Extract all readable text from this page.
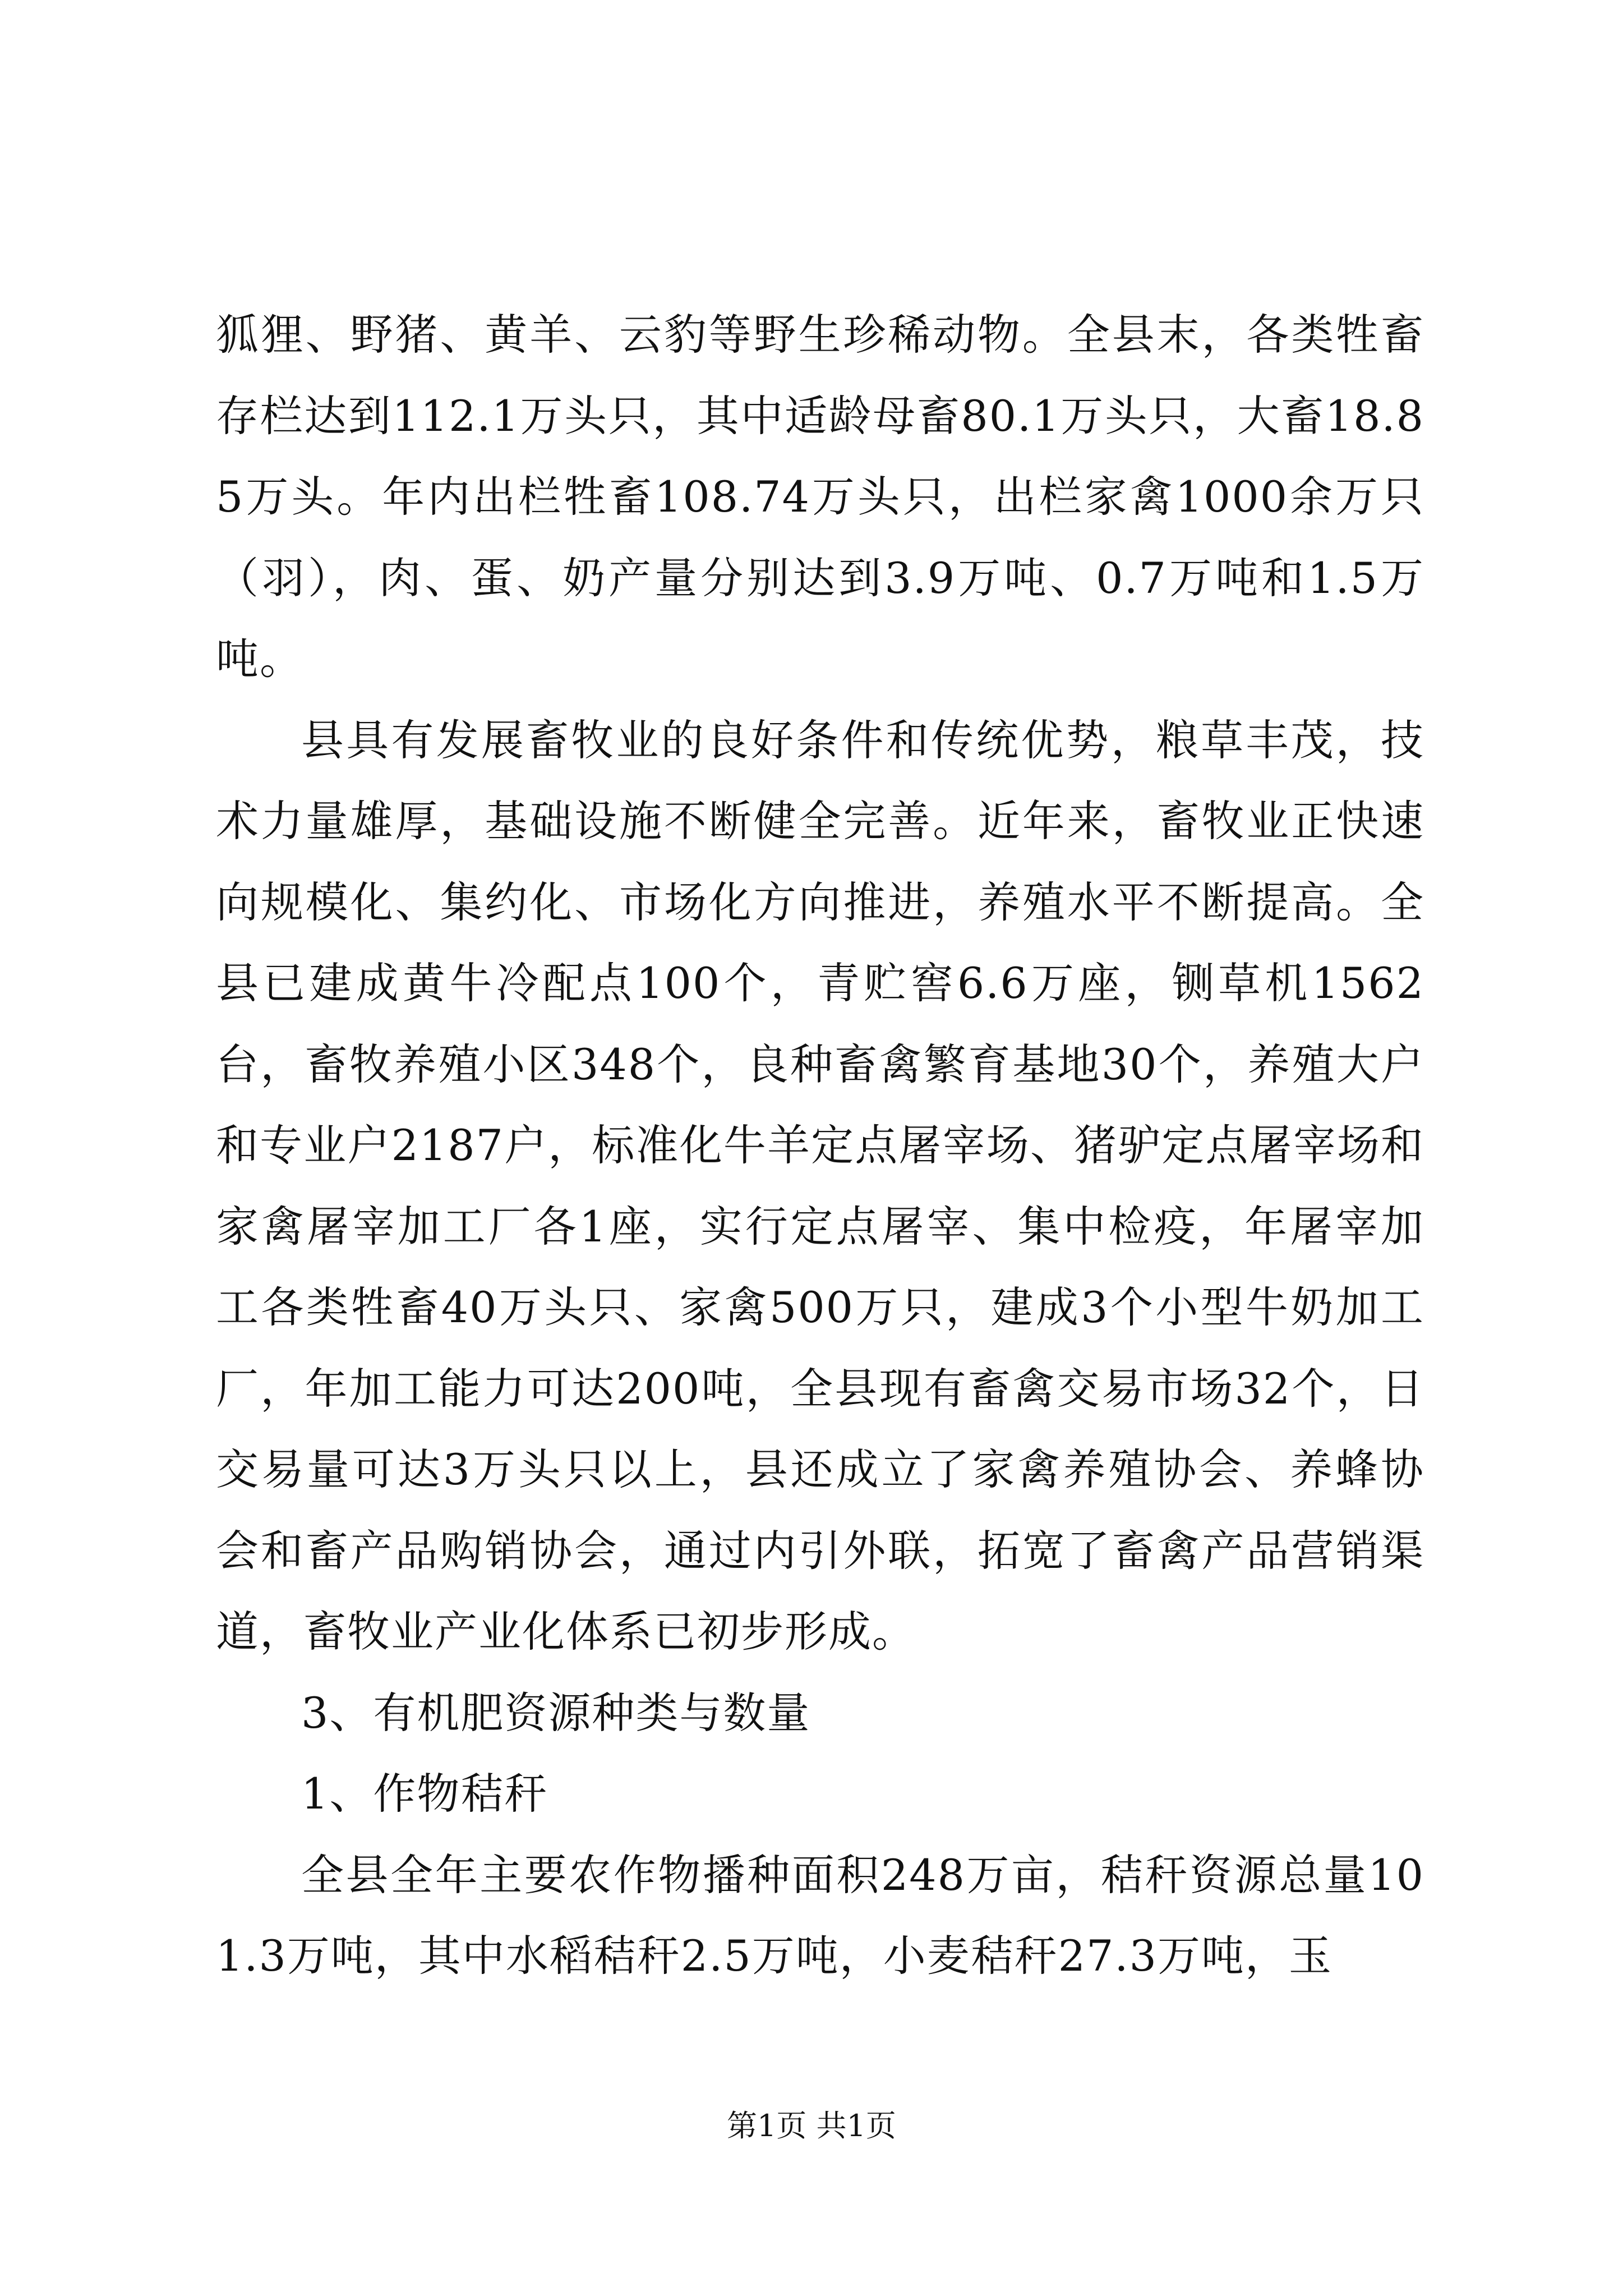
狐狸、野猪、黄羊、云豹等野生珍稀动物。全县末，各类牲畜存栏达到112.1万头只，其中适龄母畜80.1万头只，大畜18.85万头。年内出栏牲畜108.74万头只，出栏家禽1000余万只（羽），肉、蛋、奶产量分别达到3.9万吨、0.7万吨和1.5万吨。

县具有发展畜牧业的良好条件和传统优势，粮草丰茂，技术力量雄厚，基础设施不断健全完善。近年来，畜牧业正快速向规模化、集约化、市场化方向推进，养殖水平不断提高。全县已建成黄牛冷配点100个，青贮窖6.6万座，铡草机1562台，畜牧养殖小区348个，良种畜禽繁育基地30个，养殖大户和专业户2187户，标准化牛羊定点屠宰场、猪驴定点屠宰场和家禽屠宰加工厂各1座，实行定点屠宰、集中检疫，年屠宰加工各类牲畜40万头只、家禽500万只，建成3个小型牛奶加工厂，年加工能力可达200吨，全县现有畜禽交易市场32个，日交易量可达3万头只以上，县还成立了家禽养殖协会、养蜂协会和畜产品购销协会，通过内引外联，拓宽了畜禽产品营销渠道，畜牧业产业化体系已初步形成。

3、有机肥资源种类与数量

1、作物秸秆

全县全年主要农作物播种面积248万亩，秸秆资源总量101.3万吨，其中水稻秸秆2.5万吨，小麦秸秆27.3万吨，玉

第1页 共1页
